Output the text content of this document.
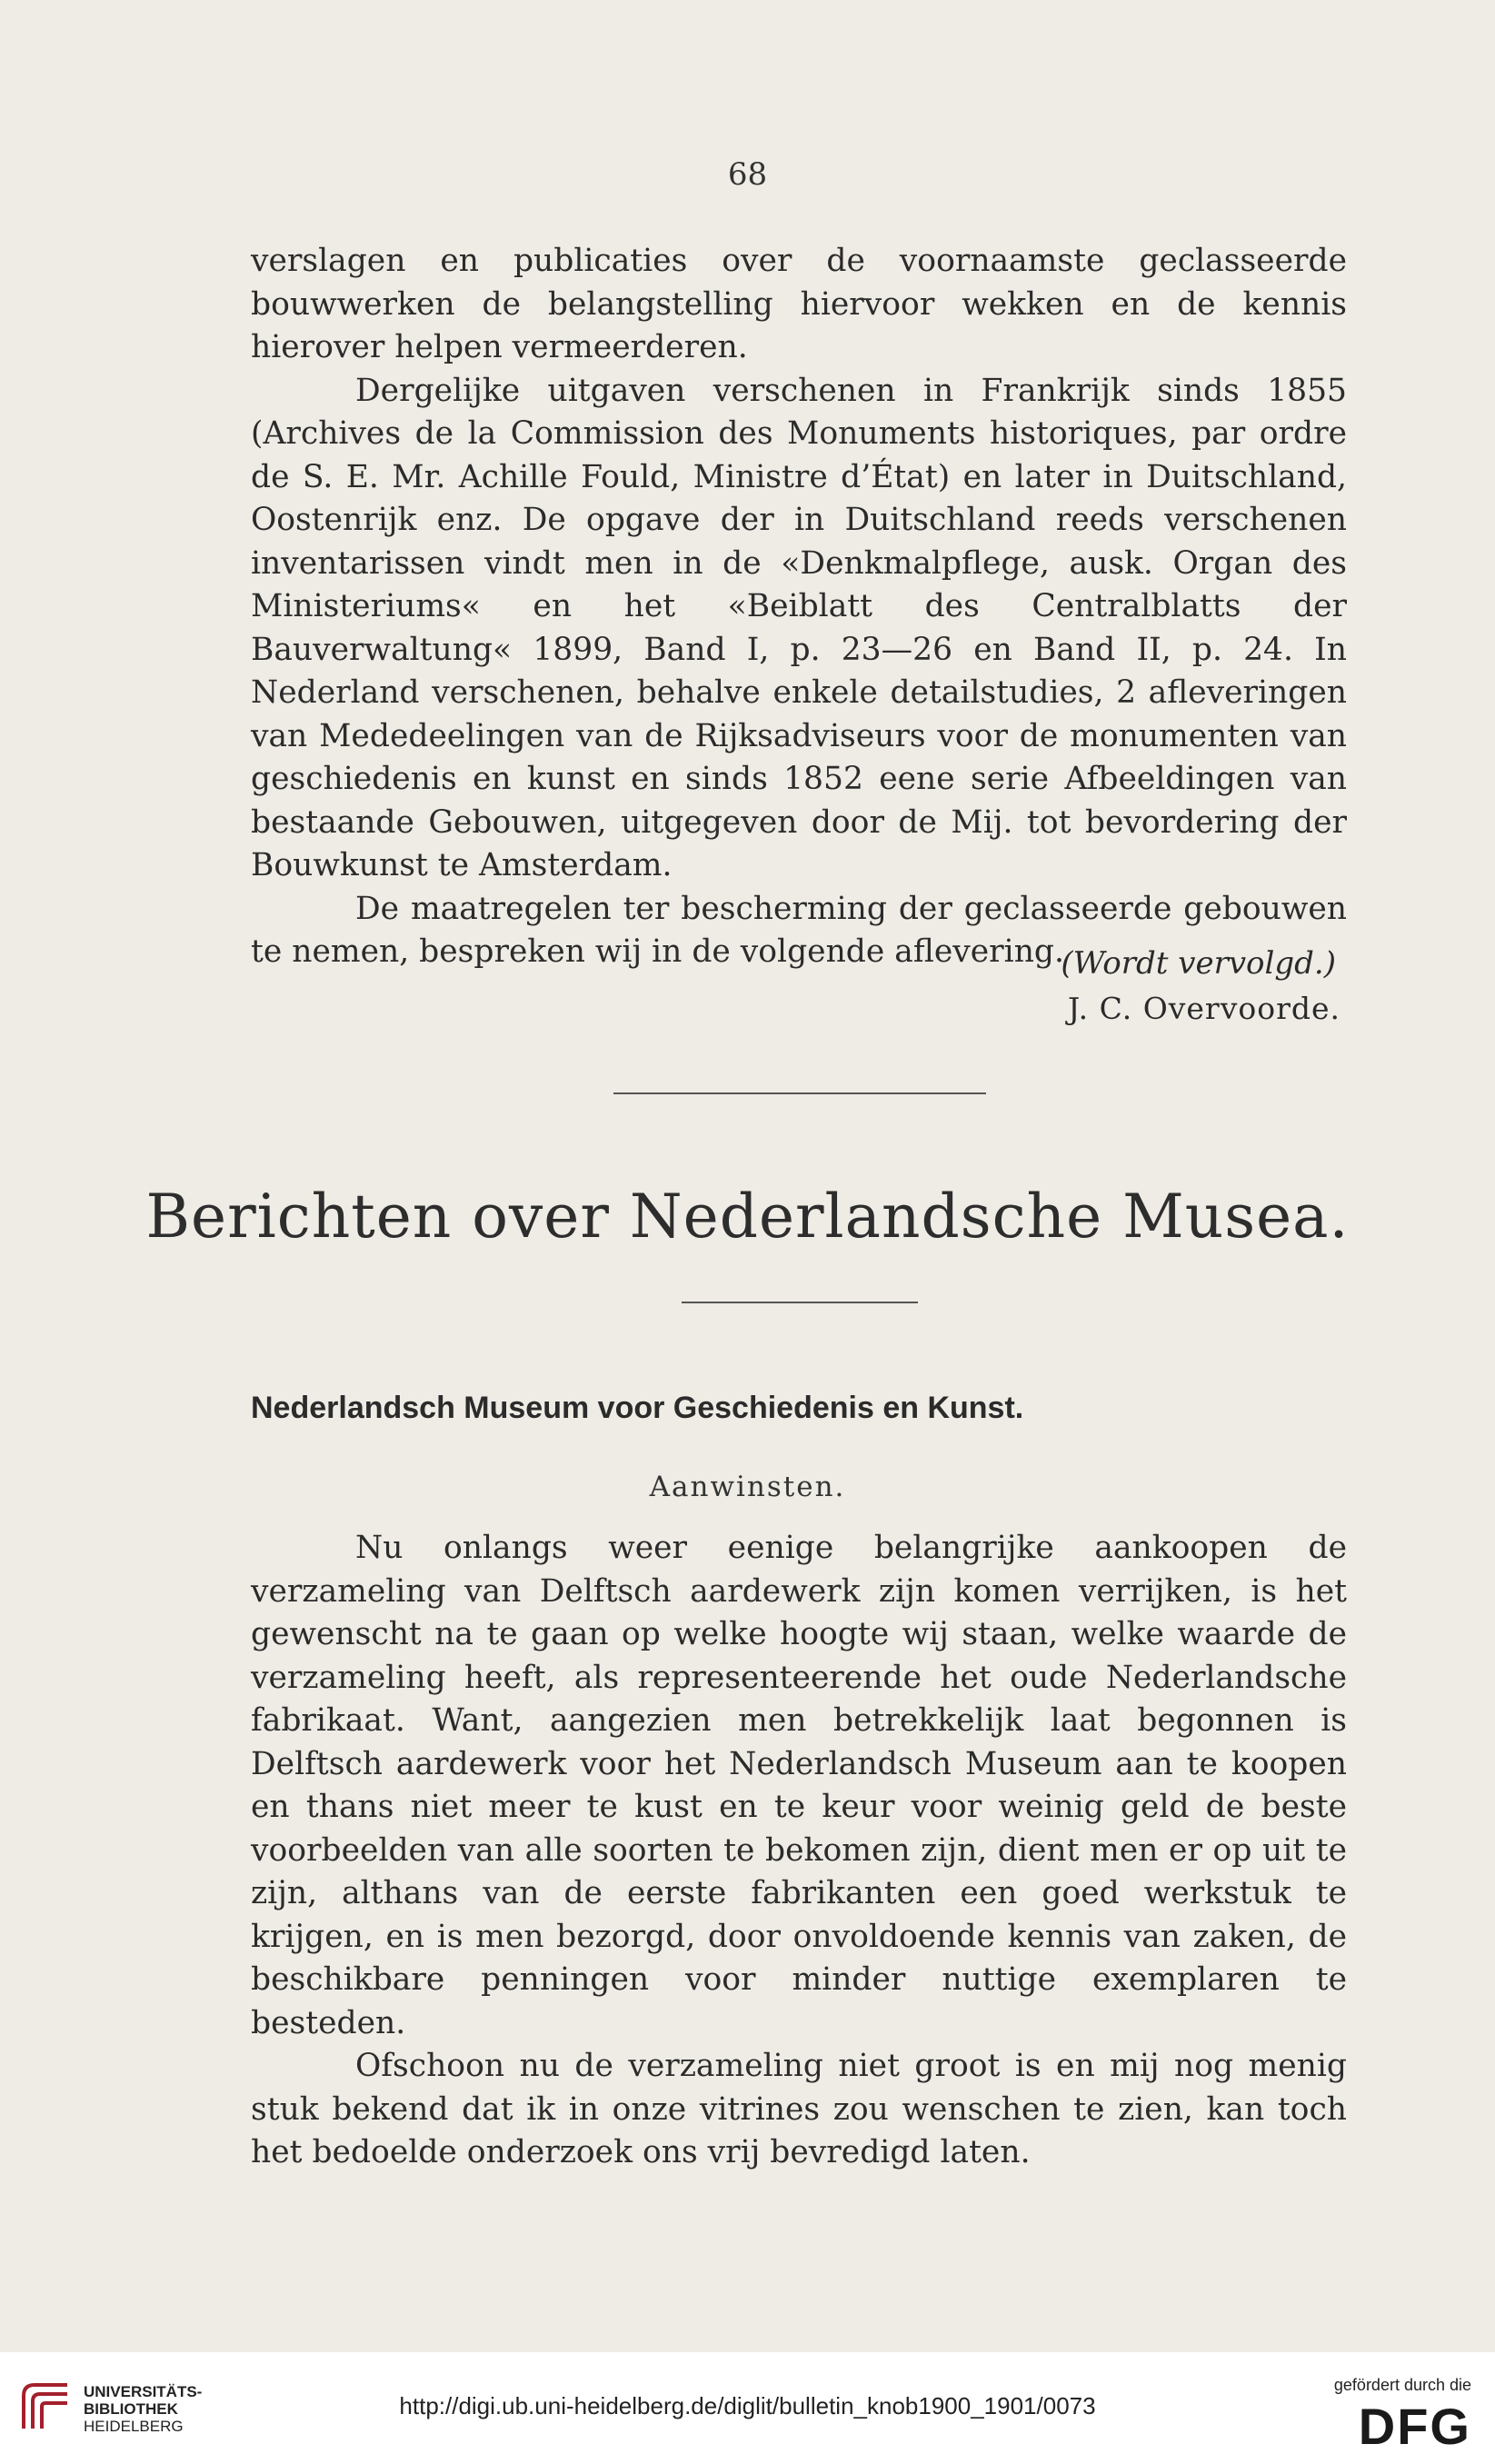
68

verslagen en publicaties over de voornaamste geclasseerde bouwwerken de belangstelling hiervoor wekken en de kennis hierover helpen vermeerderen.

Dergelijke uitgaven verschenen in Frankrijk sinds 1855 (Archives de la Commission des Monuments historiques, par ordre de S. E. Mr. Achille Fould, Ministre d’État) en later in Duitschland, Oostenrijk enz. De opgave der in Duitschland reeds verschenen inventarissen vindt men in de «Denkmalpflege, ausk. Organ des Ministeriums« en het «Beiblatt des Centralblatts der Bauverwaltung« 1899, Band I, p. 23—26 en Band II, p. 24. In Nederland verschenen, behalve enkele detailstudies, 2 afleveringen van Mededeelingen van de Rijksadviseurs voor de monumenten van geschiedenis en kunst en sinds 1852 eene serie Afbeeldingen van bestaande Gebouwen, uitgegeven door de Mij. tot bevordering der Bouwkunst te Amsterdam.

De maatregelen ter bescherming der geclasseerde gebouwen te nemen, bespreken wij in de volgende aflevering.

(Wordt vervolgd.)
J. C. Overvoorde.
Berichten over Nederlandsche Musea.
Nederlandsch Museum voor Geschiedenis en Kunst.
Aanwinsten.

Nu onlangs weer eenige belangrijke aankoopen de verzameling van Delftsch aardewerk zijn komen verrijken, is het gewenscht na te gaan op welke hoogte wij staan, welke waarde de verzameling heeft, als representeerende het oude Nederlandsche fabrikaat. Want, aangezien men betrekkelijk laat begonnen is Delftsch aardewerk voor het Nederlandsch Museum aan te koopen en thans niet meer te kust en te keur voor weinig geld de beste voorbeelden van alle soorten te bekomen zijn, dient men er op uit te zijn, althans van de eerste fabrikanten een goed werkstuk te krijgen, en is men bezorgd, door onvoldoende kennis van zaken, de beschikbare penningen voor minder nuttige exemplaren te besteden.

Ofschoon nu de verzameling niet groot is en mij nog menig stuk bekend dat ik in onze vitrines zou wenschen te zien, kan toch het bedoelde onderzoek ons vrij bevredigd laten.

UNIVERSITÄTS-
BIBLIOTHEK
HEIDELBERG
http://digi.ub.uni-heidelberg.de/diglit/bulletin_knob1900_1901/0073
gefördert durch die
DFG
